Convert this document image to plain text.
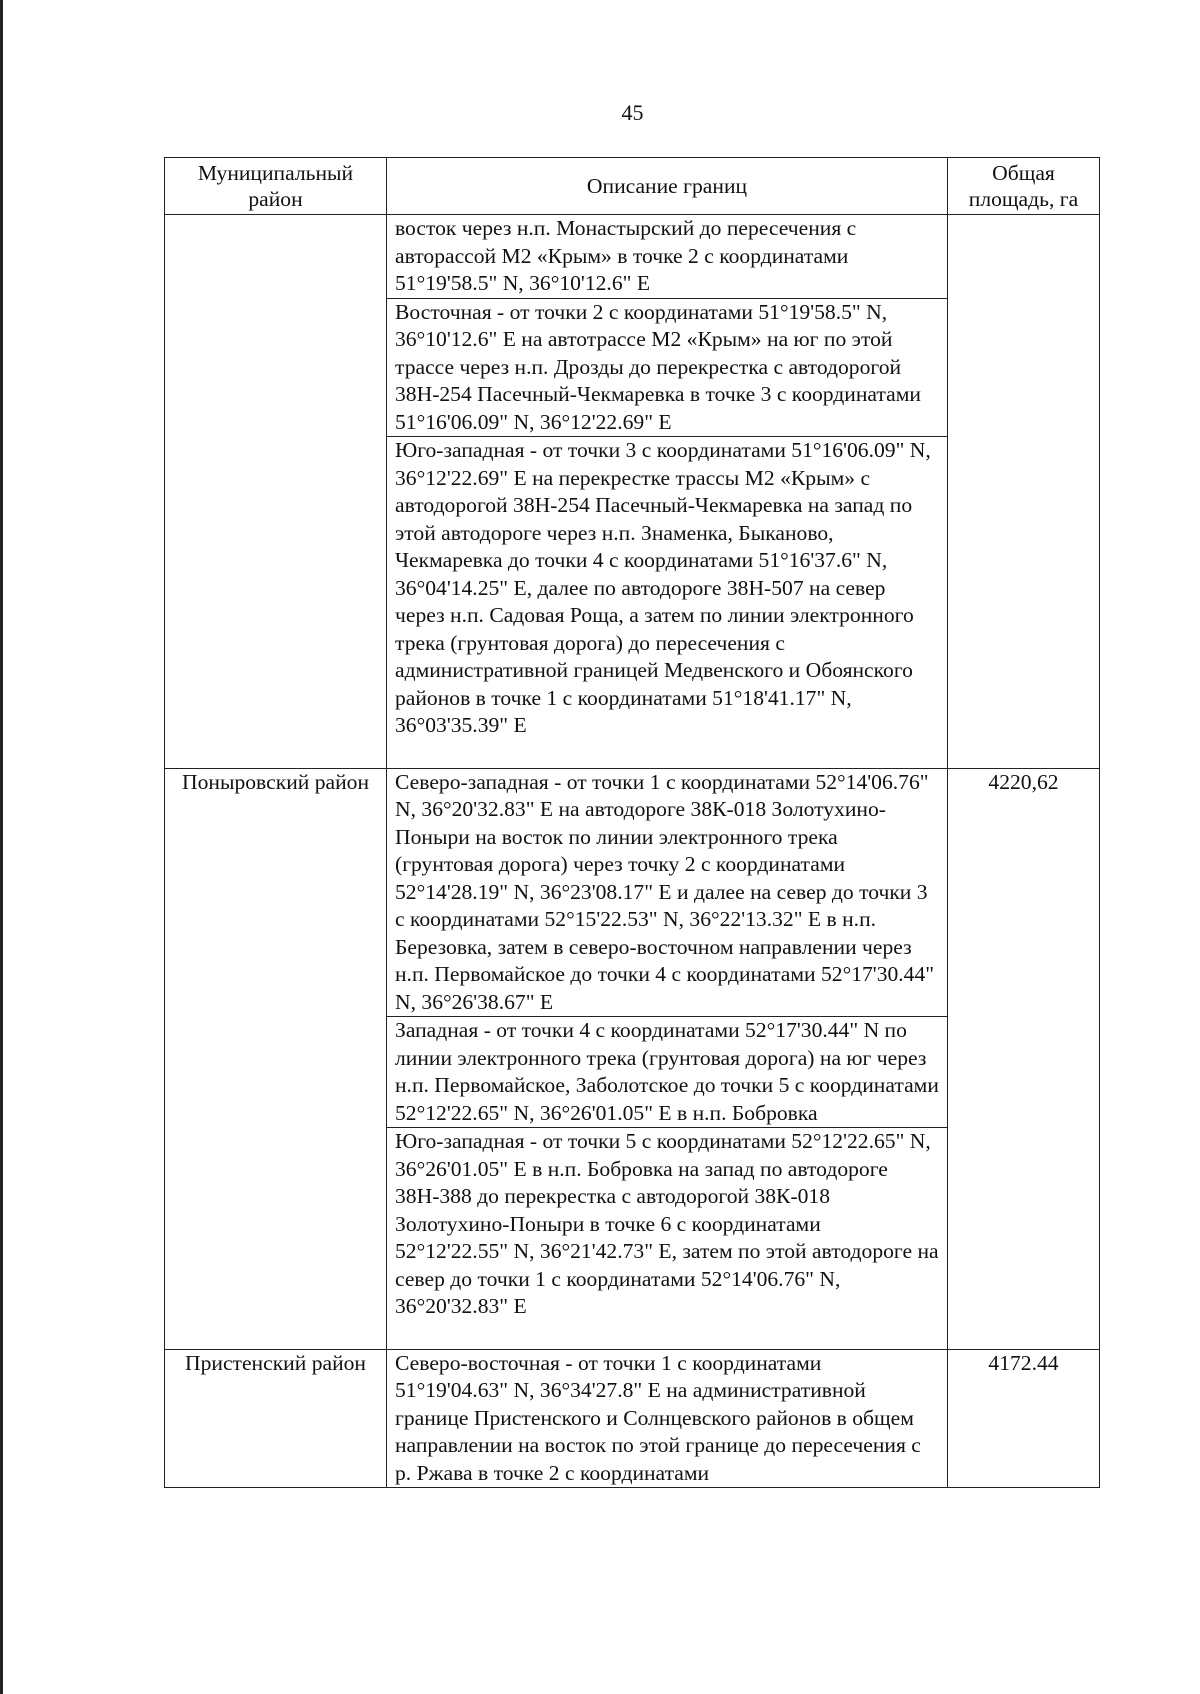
45
Муниципальный район	Описание границ	Общая площадь, га
	восток через н.п. Монастырский до пересечения с авторассой М2 «Крым» в точке 2 с координатами 51°19'58.5" N, 36°10'12.6" E	
	Восточная - от точки 2 с координатами 51°19'58.5" N, 36°10'12.6" E на автотрассе М2 «Крым» на юг по этой трассе через н.п. Дрозды до перекрестка с автодорогой 38Н-254 Пасечный-Чекмаревка в точке 3 с координатами 51°16'06.09" N, 36°12'22.69" E	
	Юго-западная - от точки 3 с координатами 51°16'06.09" N, 36°12'22.69" E на перекрестке трассы М2 «Крым» с автодорогой 38Н-254 Пасечный-Чекмаревка на запад по этой автодороге через н.п. Знаменка, Быканово, Чекмаревка до точки 4 с координатами 51°16'37.6" N, 36°04'14.25" E, далее по автодороге 38Н-507 на север через н.п. Садовая Роща, а затем по линии электронного трека (грунтовая дорога) до пересечения с административной границей Медвенского и Обоянского районов в точке 1 с координатами 51°18'41.17" N, 36°03'35.39" E	
Поныровский район	Северо-западная - от точки 1 с координатами 52°14'06.76" N, 36°20'32.83" E на автодороге 38К-018 Золотухино-Поныри на восток по линии электронного трека (грунтовая дорога) через точку 2 с координатами 52°14'28.19" N, 36°23'08.17" E и далее на север до точки 3 с координатами 52°15'22.53" N, 36°22'13.32" E в н.п. Березовка, затем в северо-восточном направлении через н.п. Первомайское до точки 4 с координатами 52°17'30.44" N, 36°26'38.67" E	4220,62
	Западная - от точки 4 с координатами 52°17'30.44" N по линии электронного трека (грунтовая дорога) на юг через н.п. Первомайское, Заболотское до точки 5 с координатами 52°12'22.65" N, 36°26'01.05" E в н.п. Бобровка	
	Юго-западная - от точки 5 с координатами 52°12'22.65" N, 36°26'01.05" E в н.п. Бобровка на запад по автодороге 38Н-388 до перекрестка с автодорогой 38К-018 Золотухино-Поныри в точке 6 с координатами 52°12'22.55" N, 36°21'42.73" E, затем по этой автодороге на север до точки 1 с координатами 52°14'06.76" N, 36°20'32.83" E	
Пристенский район	Северо-восточная - от точки 1 с координатами 51°19'04.63" N, 36°34'27.8" E на административной границе Пристенского и Солнцевского районов в общем направлении на восток по этой границе до пересечения с р. Ржава в точке 2 с координатами	4172.44
